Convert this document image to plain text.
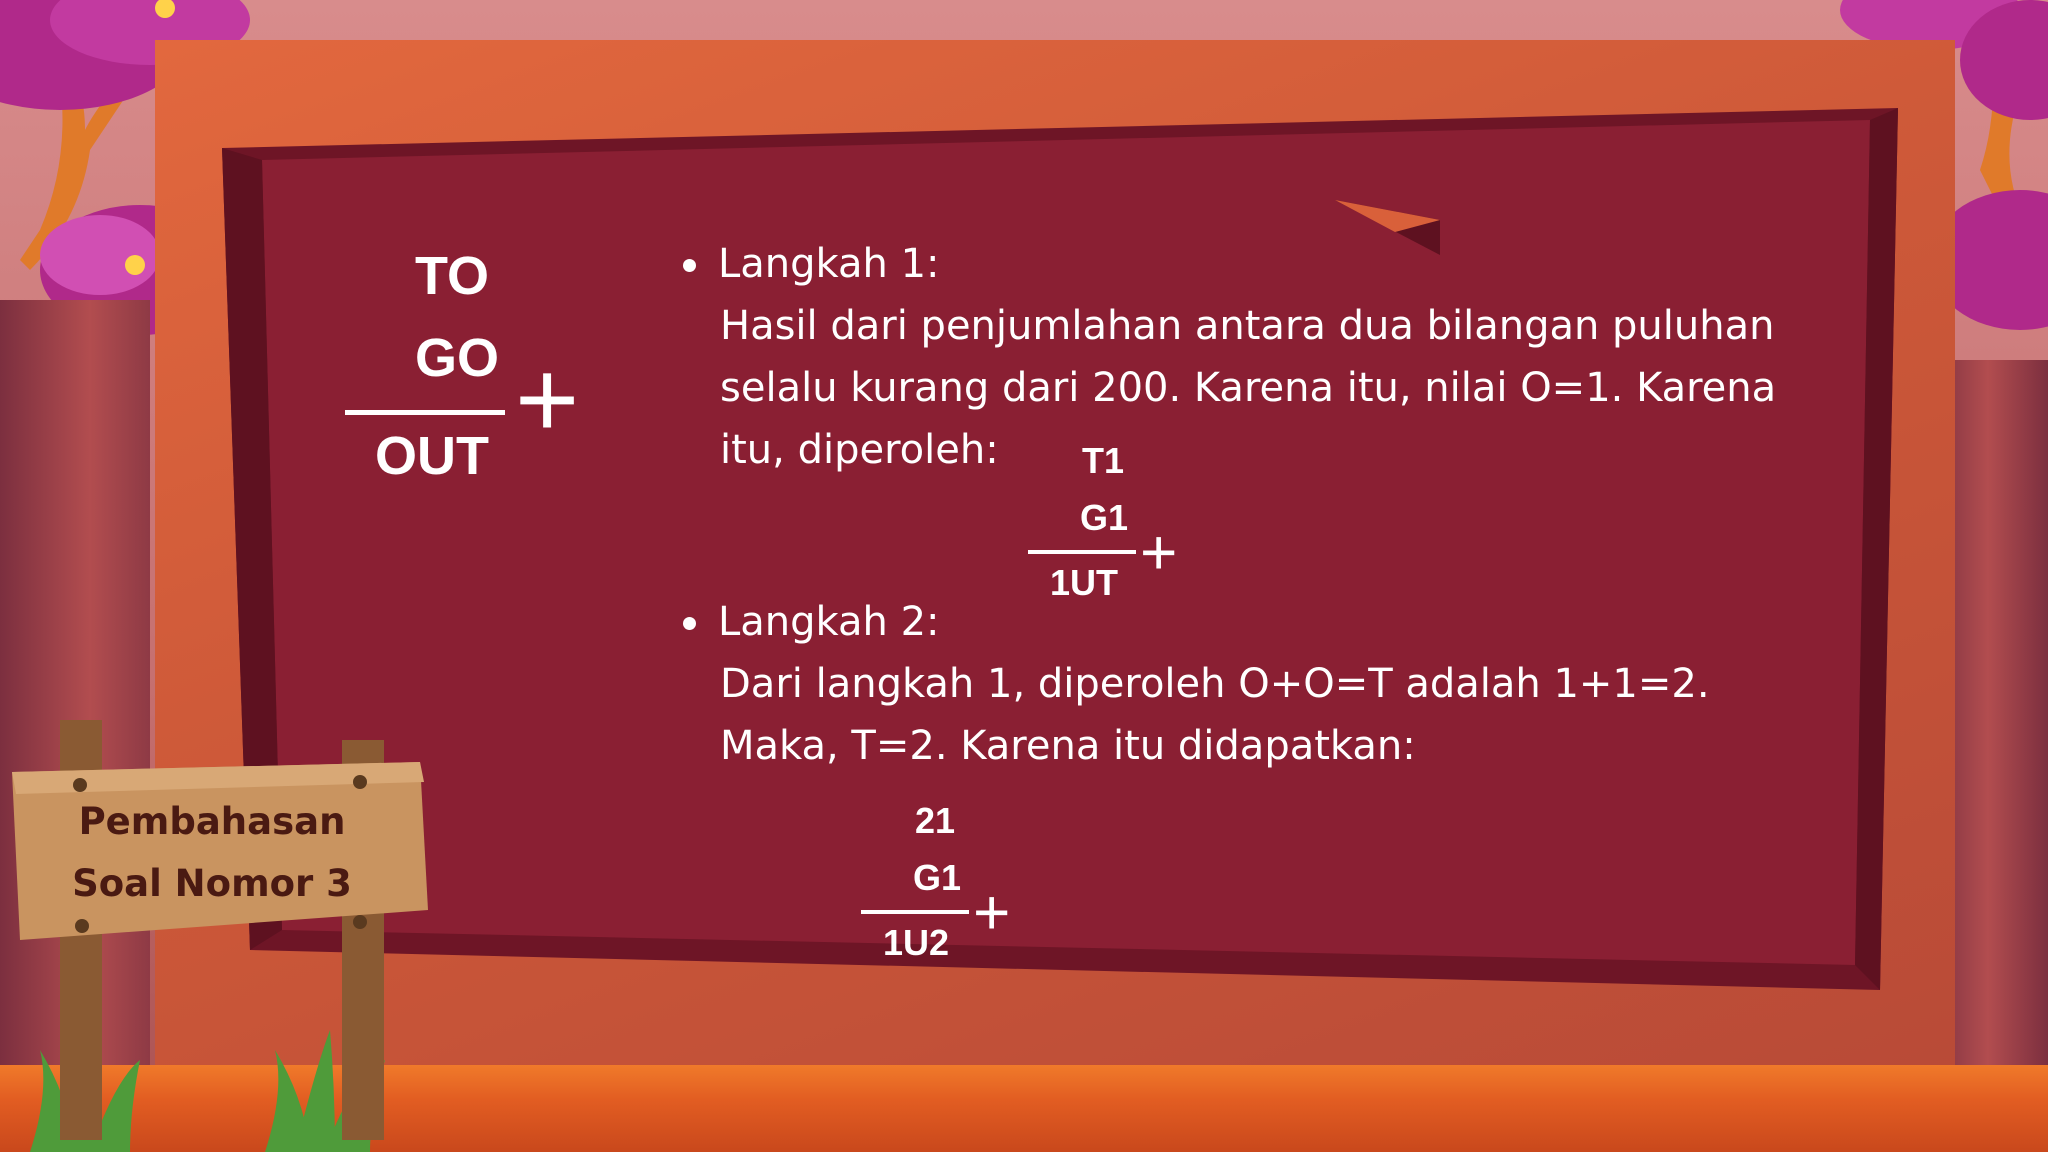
TO
GO
OUT +
Langkah 1:
Hasil dari penjumlahan antara dua bilangan puluhan
selalu kurang dari 200. Karena itu, nilai O=1. Karena
itu, diperoleh: T1
G1
1UT +
Langkah 2:
Dari langkah 1, diperoleh O+O=T adalah 1+1=2.
Maka, T=2. Karena itu didapatkan:
21
G1
1U2 +
Pembahasan
Soal Nomor 3
